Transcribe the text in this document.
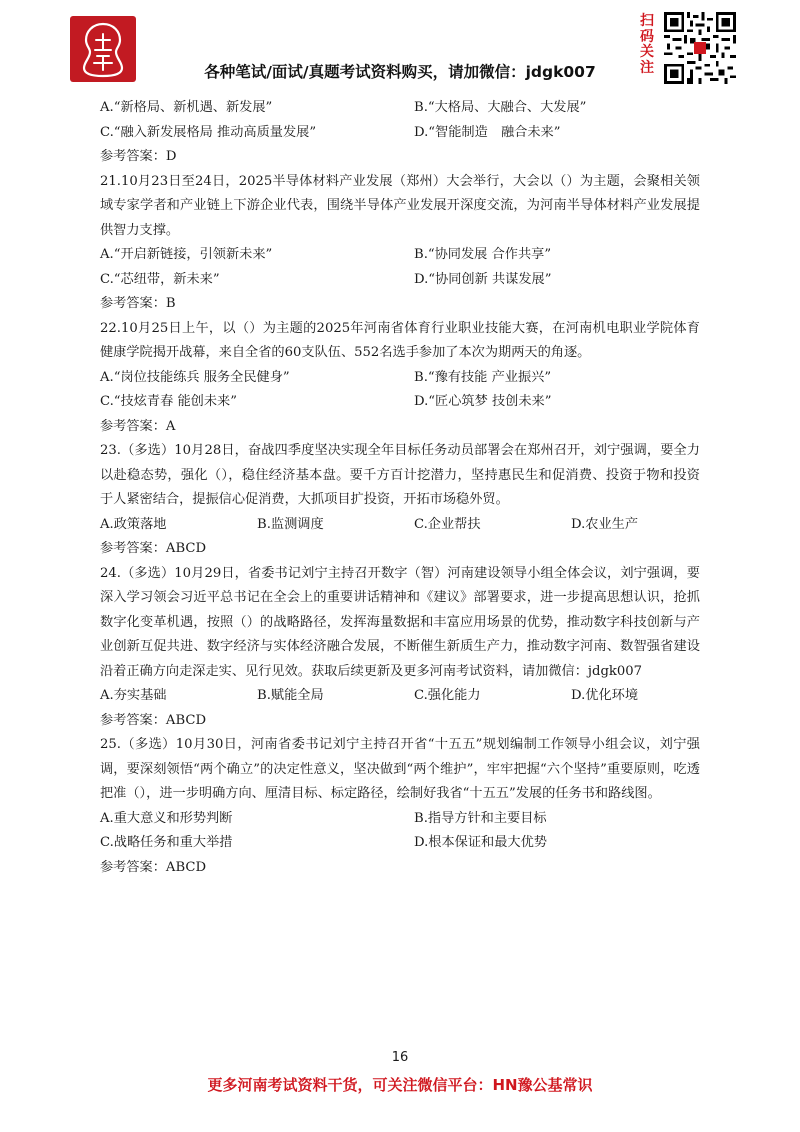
各种笔试/面试/真题考试资料购买，请加微信：jdgk007
扫码关注
A.“新格局、新机遇、新发展”	B.“大格局、大融合、大发展”
C.“融入新发展格局 推动高质量发展”	D.“智能制造　融合未来”
参考答案：D
21.10月23日至24日，2025半导体材料产业发展（郑州）大会举行，大会以（）为主题，会聚相关领域专家学者和产业链上下游企业代表，围绕半导体产业发展开深度交流，为河南半导体材料产业发展提供智力支撑。
A.“开启新链接，引领新未来”	B.“协同发展 合作共享”
C.“芯纽带，新未来”	D.“协同创新 共谋发展”
参考答案：B
22.10月25日上午，以（）为主题的2025年河南省体育行业职业技能大赛，在河南机电职业学院体育健康学院揭开战幕，来自全省的60支队伍、552名选手参加了本次为期两天的角逐。
A.“岗位技能练兵 服务全民健身”	B.“豫有技能 产业振兴”
C.“技炫青春 能创未来”	D.“匠心筑梦 技创未来”
参考答案：A
23.（多选）10月28日，奋战四季度坚决实现全年目标任务动员部署会在郑州召开，刘宁强调，要全力以赴稳态势，强化（），稳住经济基本盘。要千方百计挖潜力，坚持惠民生和促消费、投资于物和投资于人紧密结合，提振信心促消费，大抓项目扩投资，开拓市场稳外贸。
A.政策落地	B.监测调度	C.企业帮扶	D.农业生产
参考答案：ABCD
24.（多选）10月29日，省委书记刘宁主持召开数字（智）河南建设领导小组全体会议，刘宁强调，要深入学习领会习近平总书记在全会上的重要讲话精神和《建议》部署要求，进一步提高思想认识，抢抓数字化变革机遇，按照（）的战略路径，发挥海量数据和丰富应用场景的优势，推动数字科技创新与产业创新互促共进、数字经济与实体经济融合发展，不断催生新质生产力，推动数字河南、数智强省建设沿着正确方向走深走实、见行见效。获取后续更新及更多河南考试资料，请加微信：jdgk007
A.夯实基础	B.赋能全局	C.强化能力	D.优化环境
参考答案：ABCD
25.（多选）10月30日，河南省委书记刘宁主持召开省“十五五”规划编制工作领导小组会议，刘宁强调，要深刻领悟“两个确立”的决定性意义，坚决做到“两个维护”，牢牢把握“六个坚持”重要原则，吃透把准（），进一步明确方向、厘清目标、标定路径，绘制好我省“十五五”发展的任务书和路线图。
A.重大意义和形势判断	B.指导方针和主要目标
C.战略任务和重大举措	D.根本保证和最大优势
参考答案：ABCD
16
更多河南考试资料干货，可关注微信平台：HN豫公基常识
